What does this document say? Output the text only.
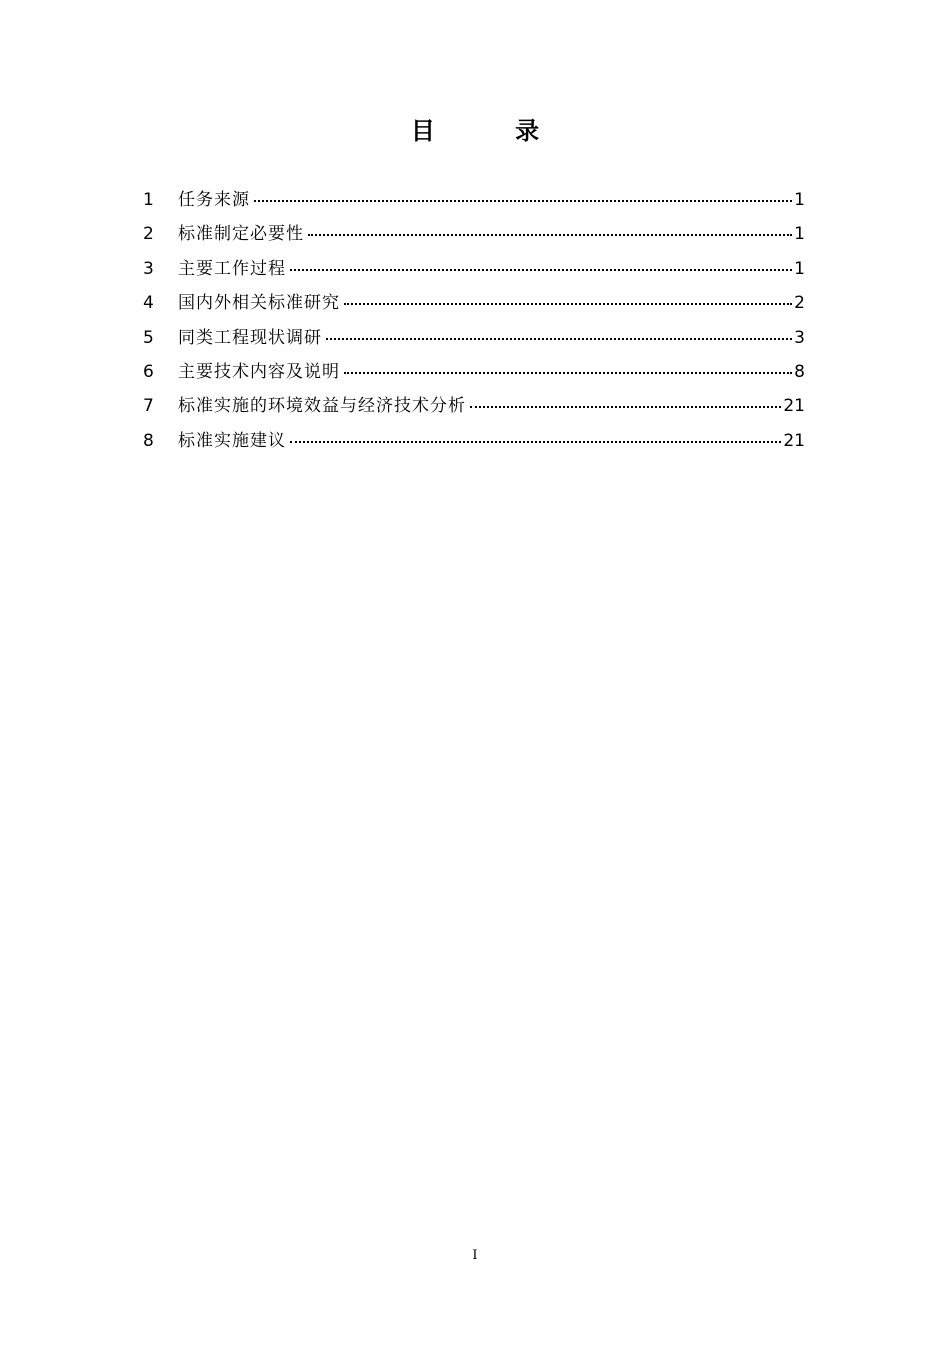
目 录
1	任务来源	1
2	标准制定必要性	1
3	主要工作过程	1
4	国内外相关标准研究	2
5	同类工程现状调研	3
6	主要技术内容及说明	8
7	标准实施的环境效益与经济技术分析	21
8	标准实施建议	21
I
